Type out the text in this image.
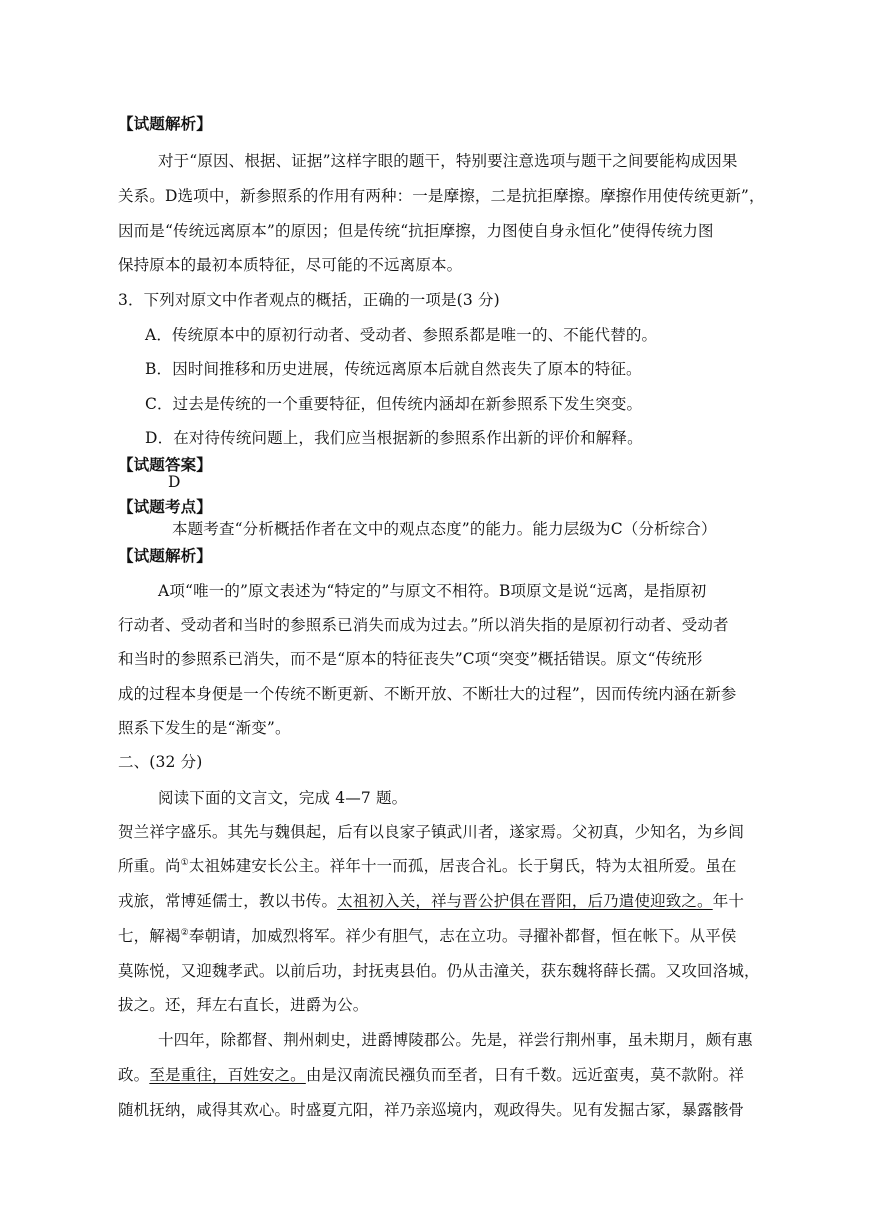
【试题解析】
对于“原因、根据、证据”这样字眼的题干，特别要注意选项与题干之间要能构成因果
关系。D选项中，新参照系的作用有两种：一是摩擦，二是抗拒摩擦。摩擦作用使传统更新”，
因而是“传统远离原本”的原因；但是传统“抗拒摩擦，力图使自身永恒化”使得传统力图
保持原本的最初本质特征，尽可能的不远离原本。
3．下列对原文中作者观点的概括，正确的一项是(3 分)
A．传统原本中的原初行动者、受动者、参照系都是唯一的、不能代替的。
B．因时间推移和历史进展，传统远离原本后就自然丧失了原本的特征。
C．过去是传统的一个重要特征，但传统内涵却在新参照系下发生突变。
D．在对待传统问题上，我们应当根据新的参照系作出新的评价和解释。
【试题答案】
D
【试题考点】
本题考查“分析概括作者在文中的观点态度”的能力。能力层级为C（分析综合）
【试题解析】
A项“唯一的”原文表述为“特定的”与原文不相符。B项原文是说“远离，是指原初
行动者、受动者和当时的参照系已消失而成为过去。”所以消失指的是原初行动者、受动者
和当时的参照系已消失，而不是“原本的特征丧失”C项“突变”概括错误。原文“传统形
成的过程本身便是一个传统不断更新、不断开放、不断壮大的过程”，因而传统内涵在新参
照系下发生的是“渐变”。
二、(32 分)
阅读下面的文言文，完成 4—7 题。
贺兰祥字盛乐。其先与魏俱起，后有以良家子镇武川者，遂家焉。父初真，少知名，为乡闾
所重。尚①太祖姊建安长公主。祥年十一而孤，居丧合礼。长于舅氏，特为太祖所爱。虽在
戎旅，常博延儒士，教以书传。太祖初入关，祥与晋公护俱在晋阳，后乃遣使迎致之。年十
七，解褐②奉朝请，加威烈将军。祥少有胆气，志在立功。寻擢补都督，恒在帐下。从平侯
莫陈悦，又迎魏孝武。以前后功，封抚夷县伯。仍从击潼关，获东魏将薛长孺。又攻回洛城，
拔之。还，拜左右直长，进爵为公。
十四年，除都督、荆州刺史，进爵博陵郡公。先是，祥尝行荆州事，虽未期月，颇有惠
政。至是重往，百姓安之。由是汉南流民襁负而至者，日有千数。远近蛮夷，莫不款附。祥
随机抚纳，咸得其欢心。时盛夏亢阳，祥乃亲巡境内，观政得失。见有发掘古冢，暴露骸骨
